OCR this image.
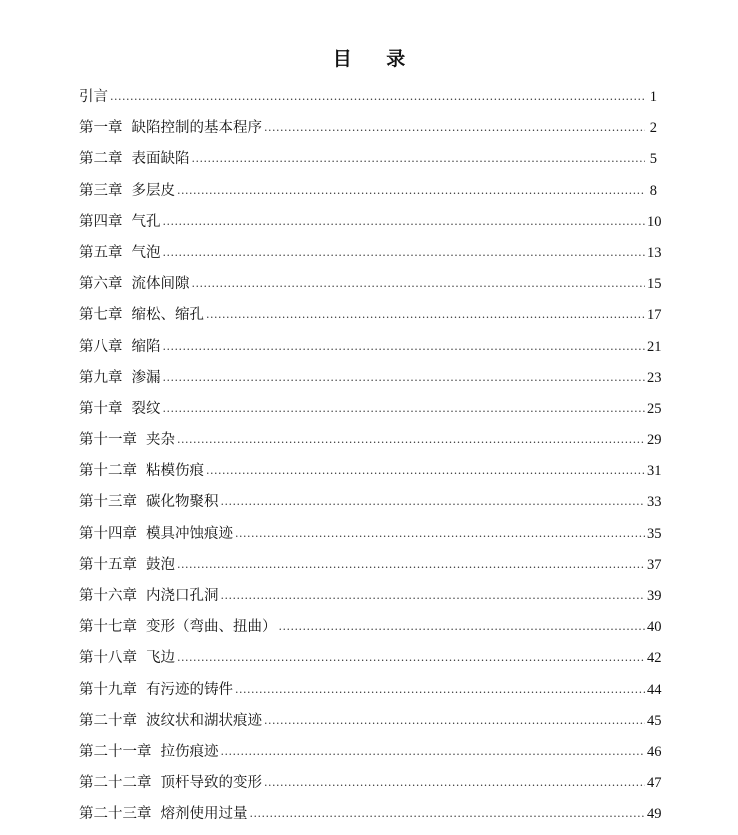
目 录
引言 .....	1
第一章 缺陷控制的基本程序 .....	2
第二章 表面缺陷 .....	5
第三章 多层皮 .....	8
第四章 气孔 .....	10
第五章 气泡 .....	13
第六章 流体间隙 .....	15
第七章 缩松、缩孔 .....	17
第八章 缩陷 .....	21
第九章 渗漏 .....	23
第十章 裂纹 .....	25
第十一章 夹杂 .....	29
第十二章 粘模伤痕 .....	31
第十三章 碳化物聚积 .....	33
第十四章 模具冲蚀痕迹 .....	35
第十五章 鼓泡 .....	37
第十六章 内浇口孔洞 .....	39
第十七章 变形（弯曲、扭曲） .....	40
第十八章 飞边 .....	42
第十九章 有污迹的铸件 .....	44
第二十章 波纹状和湖状痕迹 .....	45
第二十一章 拉伤痕迹 .....	46
第二十二章 顶杆导致的变形 .....	47
第二十三章 熔剂使用过量 .....	49
